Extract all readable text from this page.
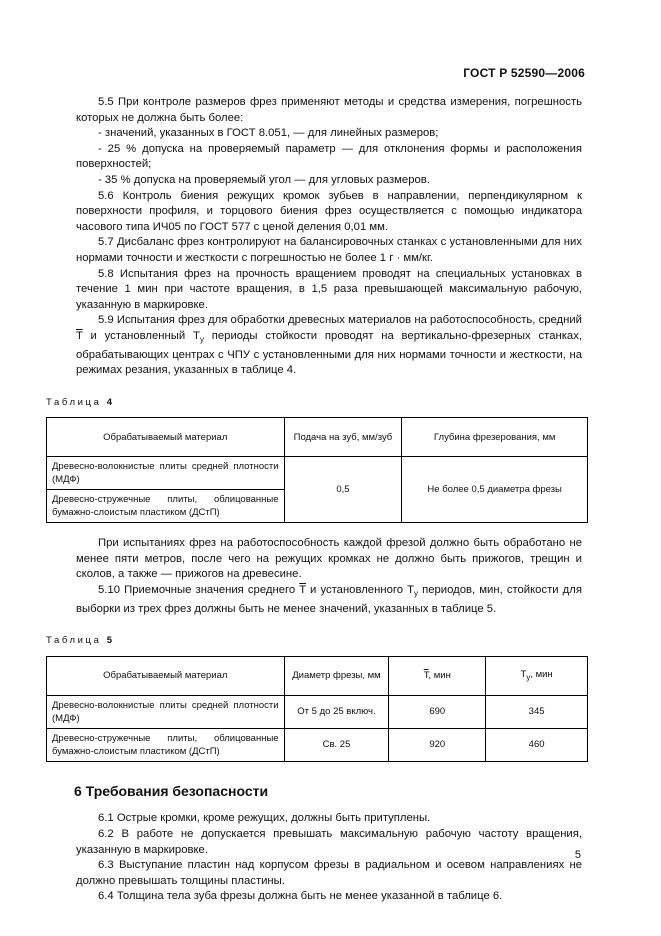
ГОСТ Р 52590—2006

5.5 При контроле размеров фрез применяют методы и средства измерения, погрешность которых не должна быть более:

- значений, указанных в ГОСТ 8.051, — для линейных размеров;

- 25 % допуска на проверяемый параметр — для отклонения формы и расположения поверхностей;

- 35 % допуска на проверяемый угол — для угловых размеров.

5.6 Контроль биения режущих кромок зубьев в направлении, перпендикулярном к поверхности профиля, и торцового биения фрез осуществляется с помощью индикатора часового типа ИЧ05 по ГОСТ 577 с ценой деления 0,01 мм.

5.7 Дисбаланс фрез контролируют на балансировочных станках с установленными для них нормами точности и жесткости с погрешностью не более 1 г · мм/кг.

5.8 Испытания фрез на прочность вращением проводят на специальных установках в течение 1 мин при частоте вращения, в 1,5 раза превышающей максимальную рабочую, указанную в маркировке.

5.9 Испытания фрез для обработки древесных материалов на работоспособность, средний $\overline{T}$ и установленный $T_у$ периоды стойкости проводят на вертикально-фрезерных станках, обрабатывающих центрах с ЧПУ с установленными для них нормами точности и жесткости, на режимах резания, указанных в таблице 4.

Таблица 4
Обрабатываемый материал	Подача на зуб, мм/зуб	Глубина фрезерования, мм
Древесно-волокнистые плиты средней плотности (МДФ)	0,5	Не более 0,5 диаметра фрезы
Древесно-стружечные плиты, облицованные бумажно-слоистым пластиком (ДСтП)		

При испытаниях фрез на работоспособность каждой фрезой должно быть обработано не менее пяти метров, после чего на режущих кромках не должно быть прижогов, трещин и сколов, а также — прижогов на древесине.

5.10 Приемочные значения среднего $\overline{T}$ и установленного $T_у$ периодов, мин, стойкости для выборки из трех фрез должны быть не менее значений, указанных в таблице 5.

Таблица 5
Обрабатываемый материал	Диаметр фрезы, мм	$\overline{T}$, мин	$T_у$, мин
Древесно-волокнистые плиты средней плотности (МДФ)	От 5 до 25 включ.	690	345
Древесно-стружечные плиты, облицованные бумажно-слоистым пластиком (ДСтП)	Св. 25	920	460
6 Требования безопасности

6.1 Острые кромки, кроме режущих, должны быть притуплены.

6.2 В работе не допускается превышать максимальную рабочую частоту вращения, указанную в маркировке.

6.3 Выступание пластин над корпусом фрезы в радиальном и осевом направлениях не должно превышать толщины пластины.

6.4 Толщина тела зуба фрезы должна быть не менее указанной в таблице 6.

5
